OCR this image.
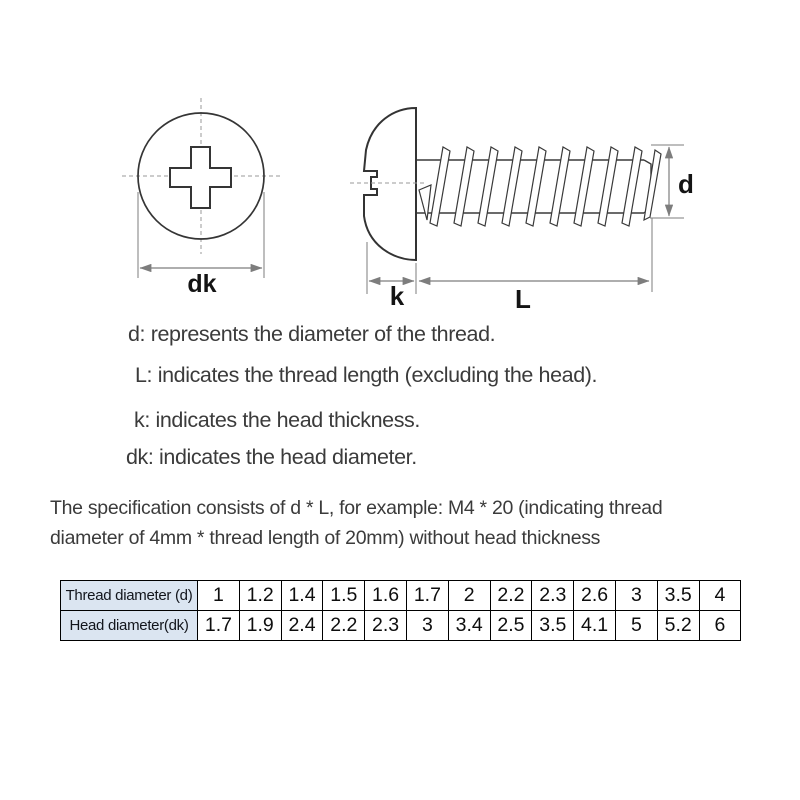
dk
d
k	L
d: represents the diameter of the thread.
L: indicates the thread length (excluding the head).
k: indicates the head thickness.
dk: indicates the head diameter.
The specification consists of d * L, for example: M4 * 20 (indicating thread
diameter of 4mm * thread length of 20mm) without head thickness
Thread diameter (d)	1	1.2	1.4	1.5	1.6	1.7	2	2.2	2.3	2.6	3	3.5	4
Head diameter(dk)	1.7	1.9	2.4	2.2	2.3	3	3.4	2.5	3.5	4.1	5	5.2	6
